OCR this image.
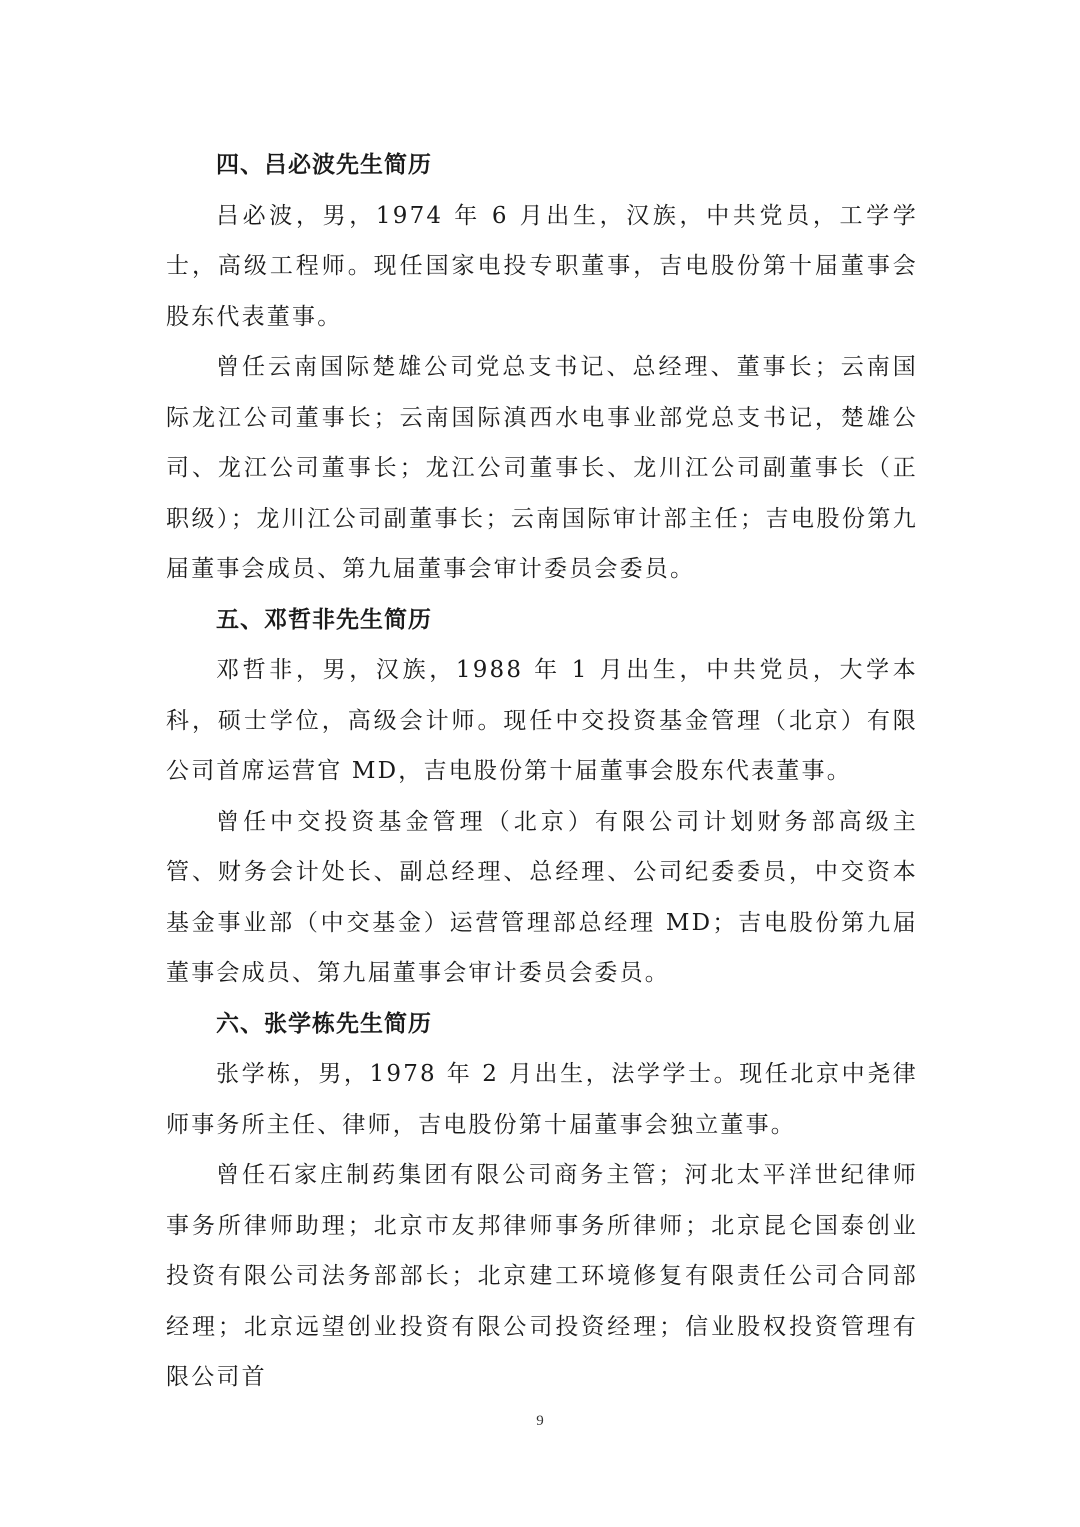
四、吕必波先生简历

吕必波，男，1974 年 6 月出生，汉族，中共党员，工学学士，高级工程师。现任国家电投专职董事，吉电股份第十届董事会股东代表董事。

曾任云南国际楚雄公司党总支书记、总经理、董事长；云南国际龙江公司董事长；云南国际滇西水电事业部党总支书记，楚雄公司、龙江公司董事长；龙江公司董事长、龙川江公司副董事长（正职级）；龙川江公司副董事长；云南国际审计部主任；吉电股份第九届董事会成员、第九届董事会审计委员会委员。

五、邓哲非先生简历

邓哲非，男，汉族，1988 年 1 月出生，中共党员，大学本科，硕士学位，高级会计师。现任中交投资基金管理（北京）有限公司首席运营官 MD，吉电股份第十届董事会股东代表董事。

曾任中交投资基金管理（北京）有限公司计划财务部高级主管、财务会计处长、副总经理、总经理、公司纪委委员，中交资本基金事业部（中交基金）运营管理部总经理 MD；吉电股份第九届董事会成员、第九届董事会审计委员会委员。

六、张学栋先生简历

张学栋，男，1978 年 2 月出生，法学学士。现任北京中尧律师事务所主任、律师，吉电股份第十届董事会独立董事。

曾任石家庄制药集团有限公司商务主管；河北太平洋世纪律师事务所律师助理；北京市友邦律师事务所律师；北京昆仑国泰创业投资有限公司法务部部长；北京建工环境修复有限责任公司合同部经理；北京远望创业投资有限公司投资经理；信业股权投资管理有限公司首

9
